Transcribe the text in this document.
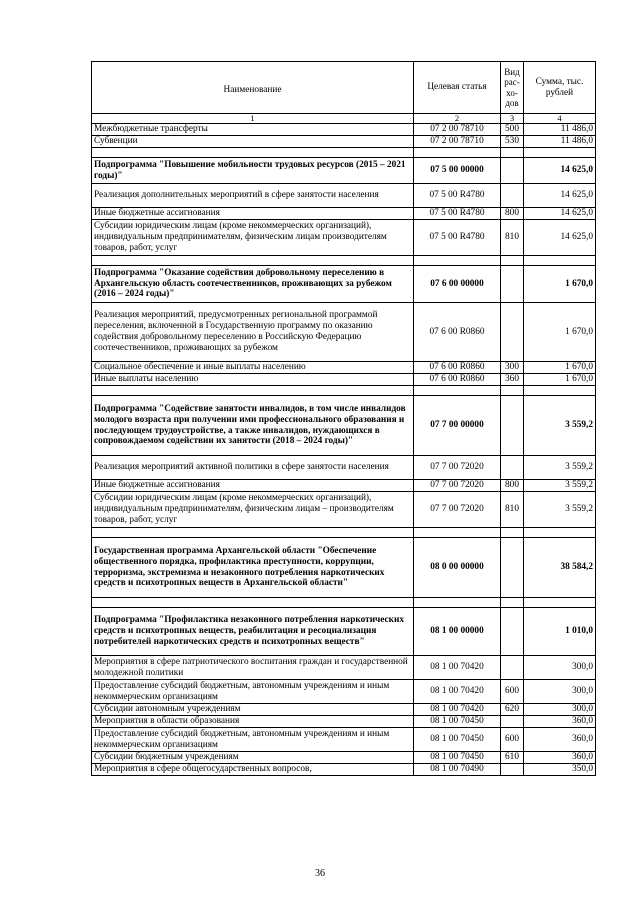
Наименование	Целевая статья	Вид рас-хо-дов	Сумма, тыс. рублей
1	2	3	4
Межбюджетные трансферты	07 2 00 78710	500	11 486,0
Субвенции	07 2 00 78710	530	11 486,0

Подпрограмма "Повышение мобильности трудовых ресурсов (2015 – 2021 годы)"	07 5 00 00000		14 625,0
Реализация дополнительных мероприятий в сфере занятости населения	07 5 00 R4780		14 625,0
Иные бюджетные ассигнования	07 5 00 R4780	800	14 625,0
Субсидии юридическим лицам (кроме некоммерческих организаций), индивидуальным предпринимателям, физическим лицам производителям товаров, работ, услуг	07 5 00 R4780	810	14 625,0

Подпрограмма "Оказание содействия добровольному переселению в Архангельскую область соотечественников, проживающих за рубежом (2016 – 2024 годы)"	07 6 00 00000		1 670,0
Реализация мероприятий, предусмотренных региональной программой переселения, включенной в Государственную программу по оказанию содействия добровольному переселению в Российскую Федерацию соотечественников, проживающих за рубежом	07 6 00 R0860		1 670,0
Социальное обеспечение и иные выплаты населению	07 6 00 R0860	300	1 670,0
Иные выплаты населению	07 6 00 R0860	360	1 670,0

Подпрограмма "Содействие занятости инвалидов, в том числе инвалидов молодого возраста при получении ими профессионального образования и последующем трудоустройстве, а также инвалидов, нуждающихся в сопровождаемом содействии их занятости (2018 – 2024 годы)"	07 7 00 00000		3 559,2
Реализация мероприятий активной политики в сфере занятости населения	07 7 00 72020		3 559,2
Иные бюджетные ассигнования	07 7 00 72020	800	3 559,2
Субсидии юридическим лицам (кроме некоммерческих организаций), индивидуальным предпринимателям, физическим лицам – производителям товаров, работ, услуг	07 7 00 72020	810	3 559,2

Государственная программа Архангельской области "Обеспечение общественного порядка, профилактика преступности, коррупции, терроризма, экстремизма и незаконного потребления наркотических средств и психотропных веществ в Архангельской области"	08 0 00 00000		38 584,2

Подпрограмма "Профилактика незаконного потребления наркотических средств и психотропных веществ, реабилитация и ресоциализация потребителей наркотических средств и психотропных веществ"	08 1 00 00000		1 010,0
Мероприятия в сфере патриотического воспитания граждан и государственной молодежной политики	08 1 00 70420		300,0
Предоставление субсидий бюджетным, автономным учреждениям и иным некоммерческим организациям	08 1 00 70420	600	300,0
Субсидии автономным учреждениям	08 1 00 70420	620	300,0
Мероприятия в области образования	08 1 00 70450		360,0
Предоставление субсидий бюджетным, автономным учреждениям и иным некоммерческим организациям	08 1 00 70450	600	360,0
Субсидии бюджетным учреждениям	08 1 00 70450	610	360,0
Мероприятия в сфере общегосударственных вопросов,	08 1 00 70490		350,0
36
